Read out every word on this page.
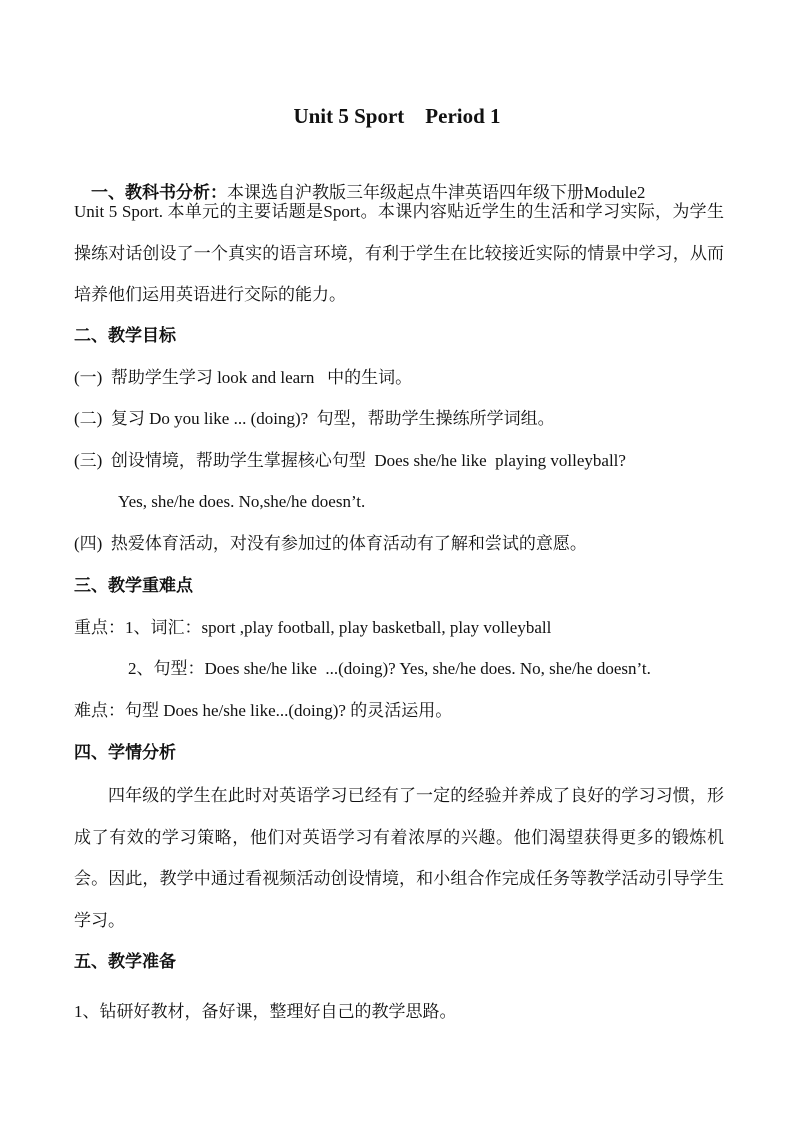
Unit 5 Sport    Period 1

一、教科书分析：本课选自沪教版三年级起点牛津英语四年级下册Module2

Unit 5 Sport. 本单元的主要话题是Sport。本课内容贴近学生的生活和学习实际，为学生操练对话创设了一个真实的语言环境，有利于学生在比较接近实际的情景中学习，从而培养他们运用英语进行交际的能力。
二、教学目标
(一)  帮助学生学习 look and learn   中的生词。
(二)  复习 Do you like ... (doing)?  句型，帮助学生操练所学词组。
(三)  创设情境，帮助学生掌握核心句型  Does she/he like  playing volleyball?
Yes, she/he does. No,she/he doesn’t.
(四)  热爱体育活动，对没有参加过的体育活动有了解和尝试的意愿。
三、教学重难点
重点：1、词汇：sport ,play football, play basketball, play volleyball
2、句型：Does she/he like  ...(doing)? Yes, she/he does. No, she/he doesn’t.
难点：句型 Does he/she like...(doing)? 的灵活运用。
四、学情分析
四年级的学生在此时对英语学习已经有了一定的经验并养成了良好的学习习惯，形成了有效的学习策略，他们对英语学习有着浓厚的兴趣。他们渴望获得更多的锻炼机会。因此，教学中通过看视频活动创设情境，和小组合作完成任务等教学活动引导学生学习。
五、教学准备
1、钻研好教材，备好课，整理好自己的教学思路。
